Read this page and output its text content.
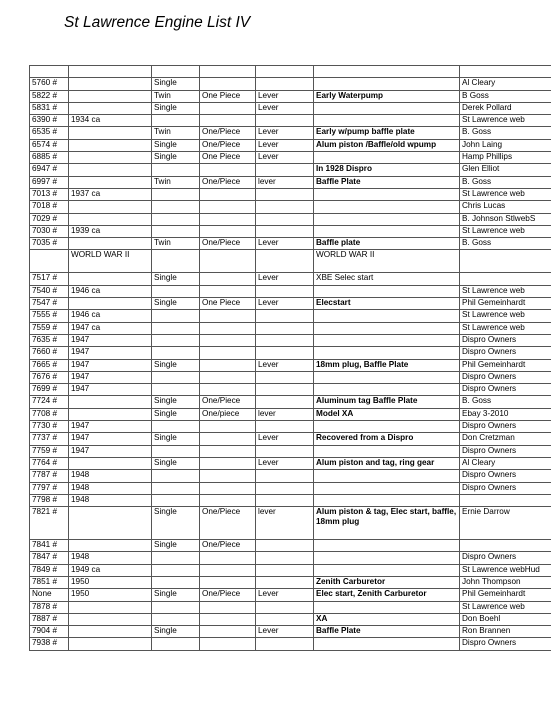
St Lawrence Engine List IV

5760 #		Single				Al Cleary
5822 #		Twin	One Piece	Lever	Early Waterpump	B Goss
5831 #		Single		Lever		Derek Pollard
6390 #	1934 ca					St Lawrence web
6535 #		Twin	One/Piece	Lever	Early w/pump baffle plate	B. Goss
6574 #		Single	One/Piece	Lever	Alum piston /Baffle/old wpump	John Laing
6885 #		Single	One Piece	Lever		Hamp Phillips
6947 #					In 1928 Dispro	Glen Elliot
6997 #		Twin	One/Piece	lever	Baffle Plate	B. Goss
7013 #	1937 ca					St Lawrence web
7018 #						Chris Lucas
7029 #						B. Johnson StlwebS
7030 #	1939 ca					St Lawrence web
7035 #		Twin	One/Piece	Lever	Baffle plate	B. Goss
	WORLD WAR II				WORLD WAR II	
7517 #		Single		Lever	XBE Selec start	
7540 #	1946 ca					St Lawrence web
7547 #		Single	One Piece	Lever	Elecstart	Phil Gemeinhardt
7555 #	1946 ca					St Lawrence web
7559 #	1947 ca					St Lawrence web
7635 #	1947					Dispro Owners
7660 #	1947					Dispro Owners
7665 #	1947	Single		Lever	18mm plug, Baffle Plate	Phil Gemeinhardt
7676 #	1947					Dispro Owners
7699 #	1947					Dispro Owners
7724 #		Single	One/Piece		Aluminum tag Baffle Plate	B. Goss
7708 #		Single	One/piece	lever	Model XA	Ebay 3-2010
7730 #	1947					Dispro Owners
7737 #	1947	Single		Lever	Recovered from a Dispro	Don Cretzman
7759 #	1947					Dispro Owners
7764 #		Single		Lever	Alum piston and tag, ring gear	Al Cleary
7787 #	1948					Dispro Owners
7797 #	1948					Dispro Owners
7798 #	1948					
7821 #		Single	One/Piece	lever	Alum piston & tag, Elec start, baffle, 18mm plug	Ernie Darrow
7841 #		Single	One/Piece			
7847 #	1948					Dispro Owners
7849 #	1949 ca					St Lawrence webHud
7851 #	1950				Zenith Carburetor	John Thompson
None	1950	Single	One/Piece	Lever	Elec start, Zenith Carburetor	Phil Gemeinhardt
7878 #						St Lawrence web
7887 #					XA	Don Boehl
7904 #		Single		Lever	Baffle Plate	Ron Brannen
7938 #						Dispro Owners
